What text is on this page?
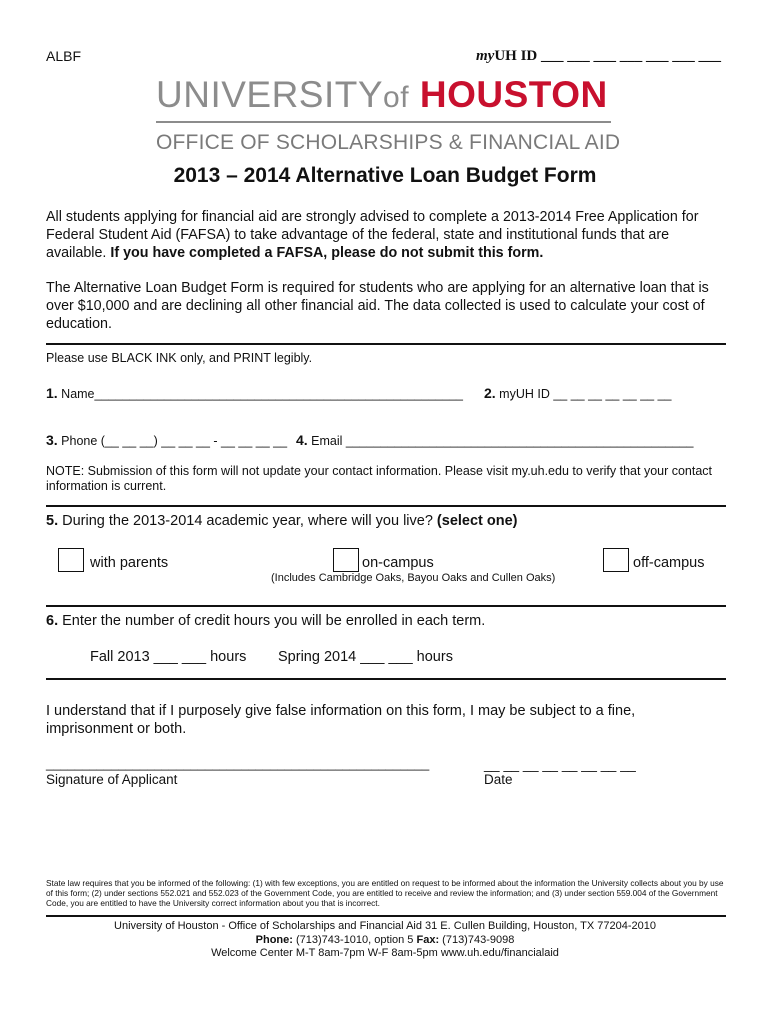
ALBF	myUH ID ___ ___ ___ ___ ___ ___ ___
UNIVERSITYof HOUSTON
OFFICE OF SCHOLARSHIPS & FINANCIAL AID
2013 – 2014 Alternative Loan Budget Form
All students applying for financial aid are strongly advised to complete a 2013-2014 Free Application for Federal Student Aid (FAFSA) to take advantage of the federal, state and institutional funds that are available. If you have completed a FAFSA, please do not submit this form.
The Alternative Loan Budget Form is required for students who are applying for an alternative loan that is over $10,000 and are declining all other financial aid. The data collected is used to calculate your cost of education.
Please use BLACK INK only, and PRINT legibly.
1. Name_____________________________________________________ 2. myUH ID __ __ __ __ __ __ __
3. Phone (__ __ __) __ __ __ - __ __ __ __ 4. Email __________________________________________________
NOTE: Submission of this form will not update your contact information. Please visit my.uh.edu to verify that your contact information is current.
5. During the 2013-2014 academic year, where will you live? (select one)
with parents	on-campus
(Includes Cambridge Oaks, Bayou Oaks and Cullen Oaks)
off-campus
6. Enter the number of credit hours you will be enrolled in each term.
Fall 2013 ___ ___ hours Spring 2014 ___ ___ hours
I understand that if I purposely give false information on this form, I may be subject to a fine, imprisonment or both.
_____________________________________________________
Signature of Applicant
__ __ __ __ __ __ __ __
Date
State law requires that you be informed of the following: (1) with few exceptions, you are entitled on request to be informed about the information the University collects about you by use of this form; (2) under sections 552.021 and 552.023 of the Government Code, you are entitled to receive and review the information; and (3) under section 559.004 of the Government Code, you are entitled to have the University correct information about you that is incorrect.
University of Houston - Office of Scholarships and Financial Aid 31 E. Cullen Building, Houston, TX 77204-2010
Phone: (713)743-1010, option 5 Fax: (713)743-9098
Welcome Center M-T 8am-7pm W-F 8am-5pm www.uh.edu/financialaid
